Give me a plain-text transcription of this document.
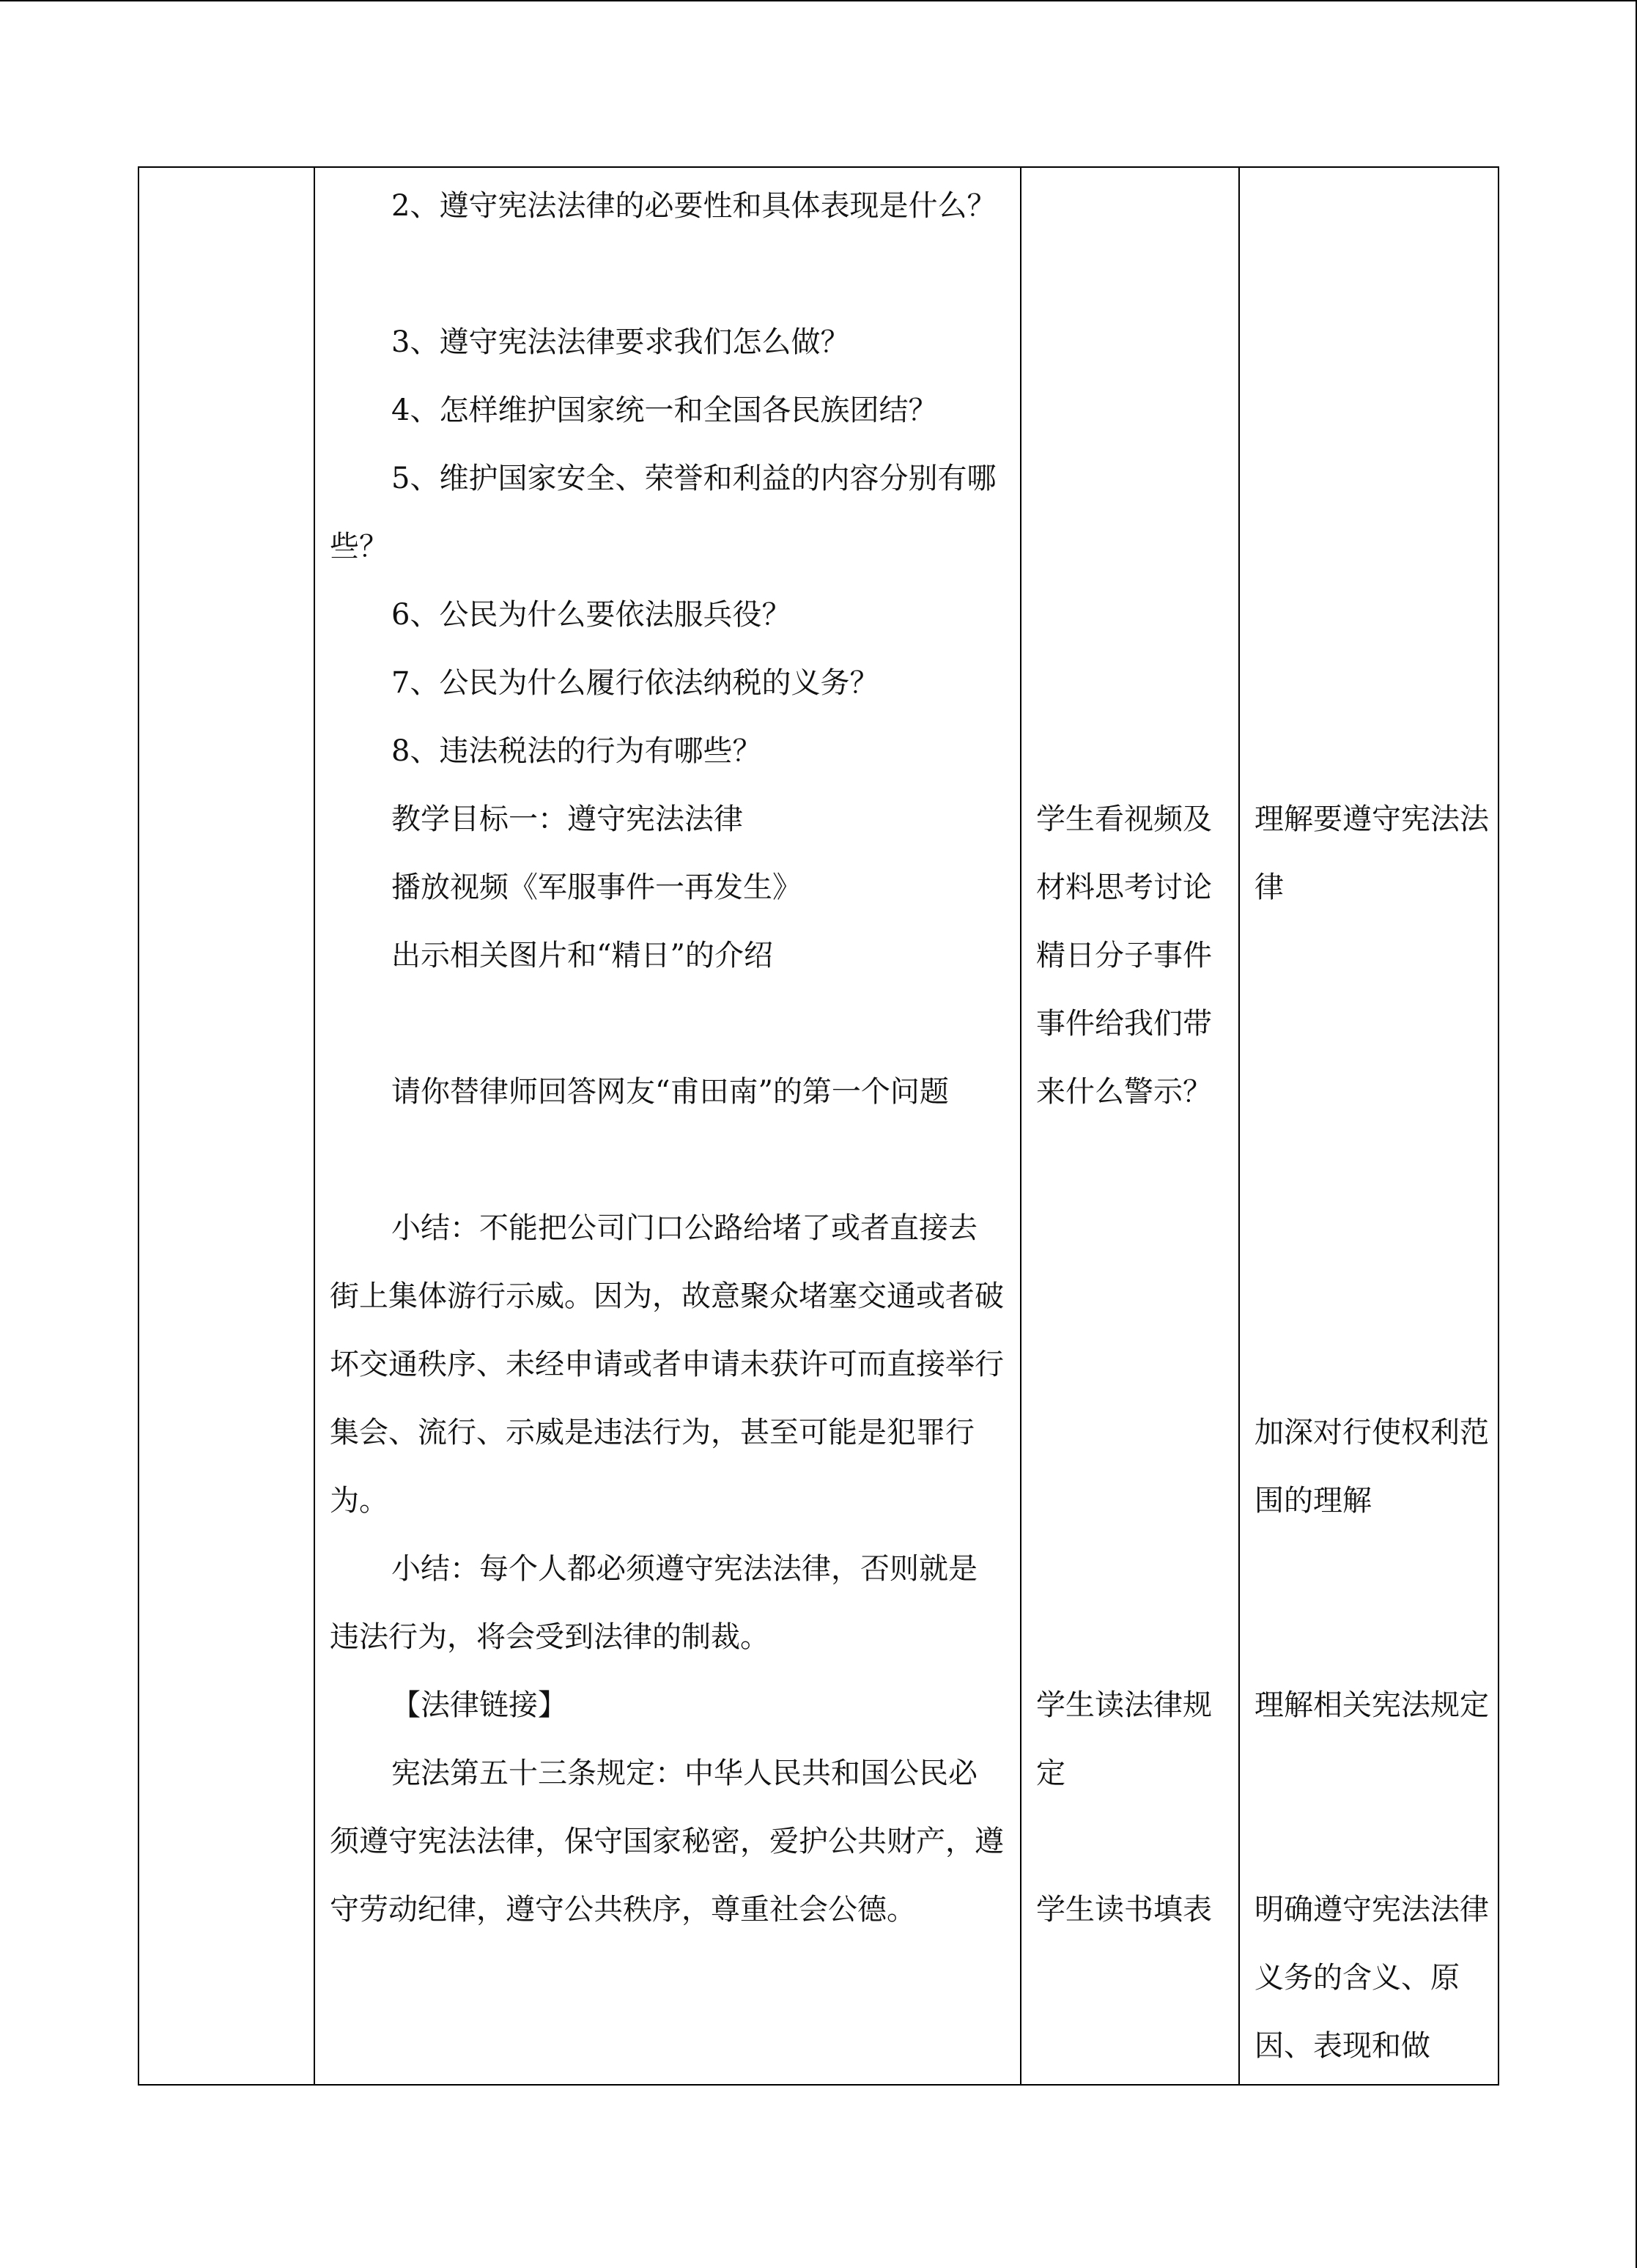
2、遵守宪法法律的必要性和具体表现是什么？

3、遵守宪法法律要求我们怎么做？

4、怎样维护国家统一和全国各民族团结？

5、维护国家安全、荣誉和利益的内容分别有哪些？

6、公民为什么要依法服兵役？

7、公民为什么履行依法纳税的义务？

8、违法税法的行为有哪些？

教学目标一：遵守宪法法律

播放视频《军服事件一再发生》

出示相关图片和“精日”的介绍

请你替律师回答网友“甫田南”的第一个问题

小结：不能把公司门口公路给堵了或者直接去街上集体游行示威。因为，故意聚众堵塞交通或者破坏交通秩序、未经申请或者申请未获许可而直接举行集会、流行、示威是违法行为，甚至可能是犯罪行为。

小结：每个人都必须遵守宪法法律，否则就是违法行为，将会受到法律的制裁。

【法律链接】

宪法第五十三条规定：中华人民共和国公民必须遵守宪法法律，保守国家秘密，爱护公共财产，遵守劳动纪律，遵守公共秩序，尊重社会公德。

学生看视频及材料思考讨论精日分子事件事件给我们带来什么警示？

学生读法律规定

学生读书填表

理解要遵守宪法法律

加深对行使权利范围的理解

理解相关宪法规定

明确遵守宪法法律义务的含义、原因、表现和做
